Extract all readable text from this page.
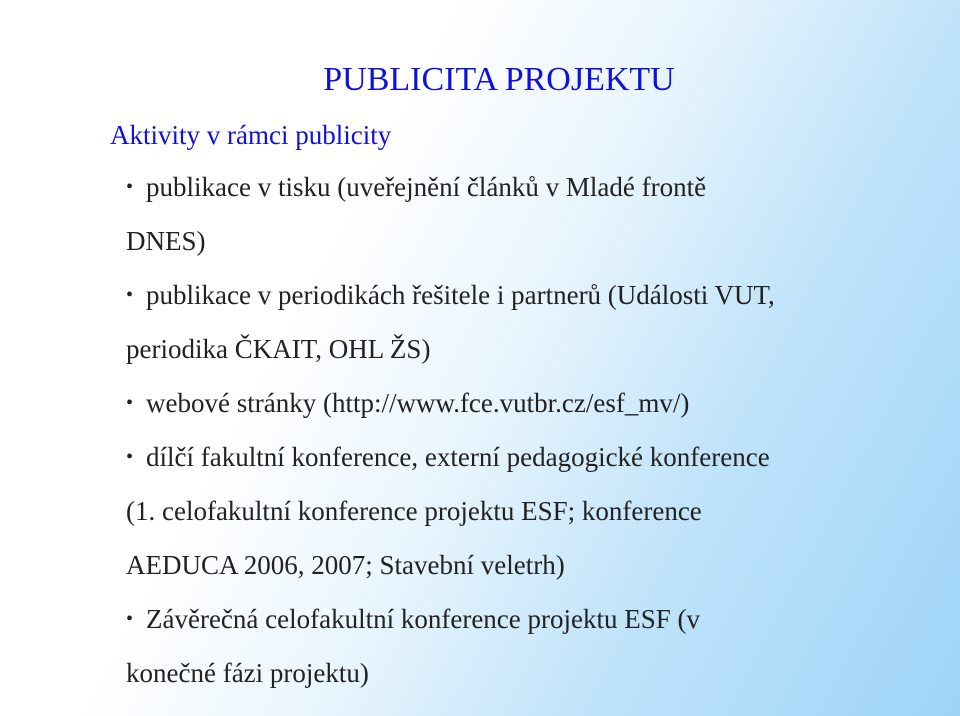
PUBLICITA PROJEKTU
Aktivity v rámci publicity
• publikace v tisku (uveřejnění článků v Mladé frontě
DNES)
• publikace v periodikách řešitele i partnerů (Události VUT,
periodika ČKAIT, OHL ŽS)
• webové stránky (http://www.fce.vutbr.cz/esf_mv/)
• dílčí fakultní konference, externí pedagogické konference
(1. celofakultní konference projektu ESF; konference
AEDUCA 2006, 2007; Stavební veletrh)
• Závěrečná celofakultní konference projektu ESF (v
konečné fázi projektu)
